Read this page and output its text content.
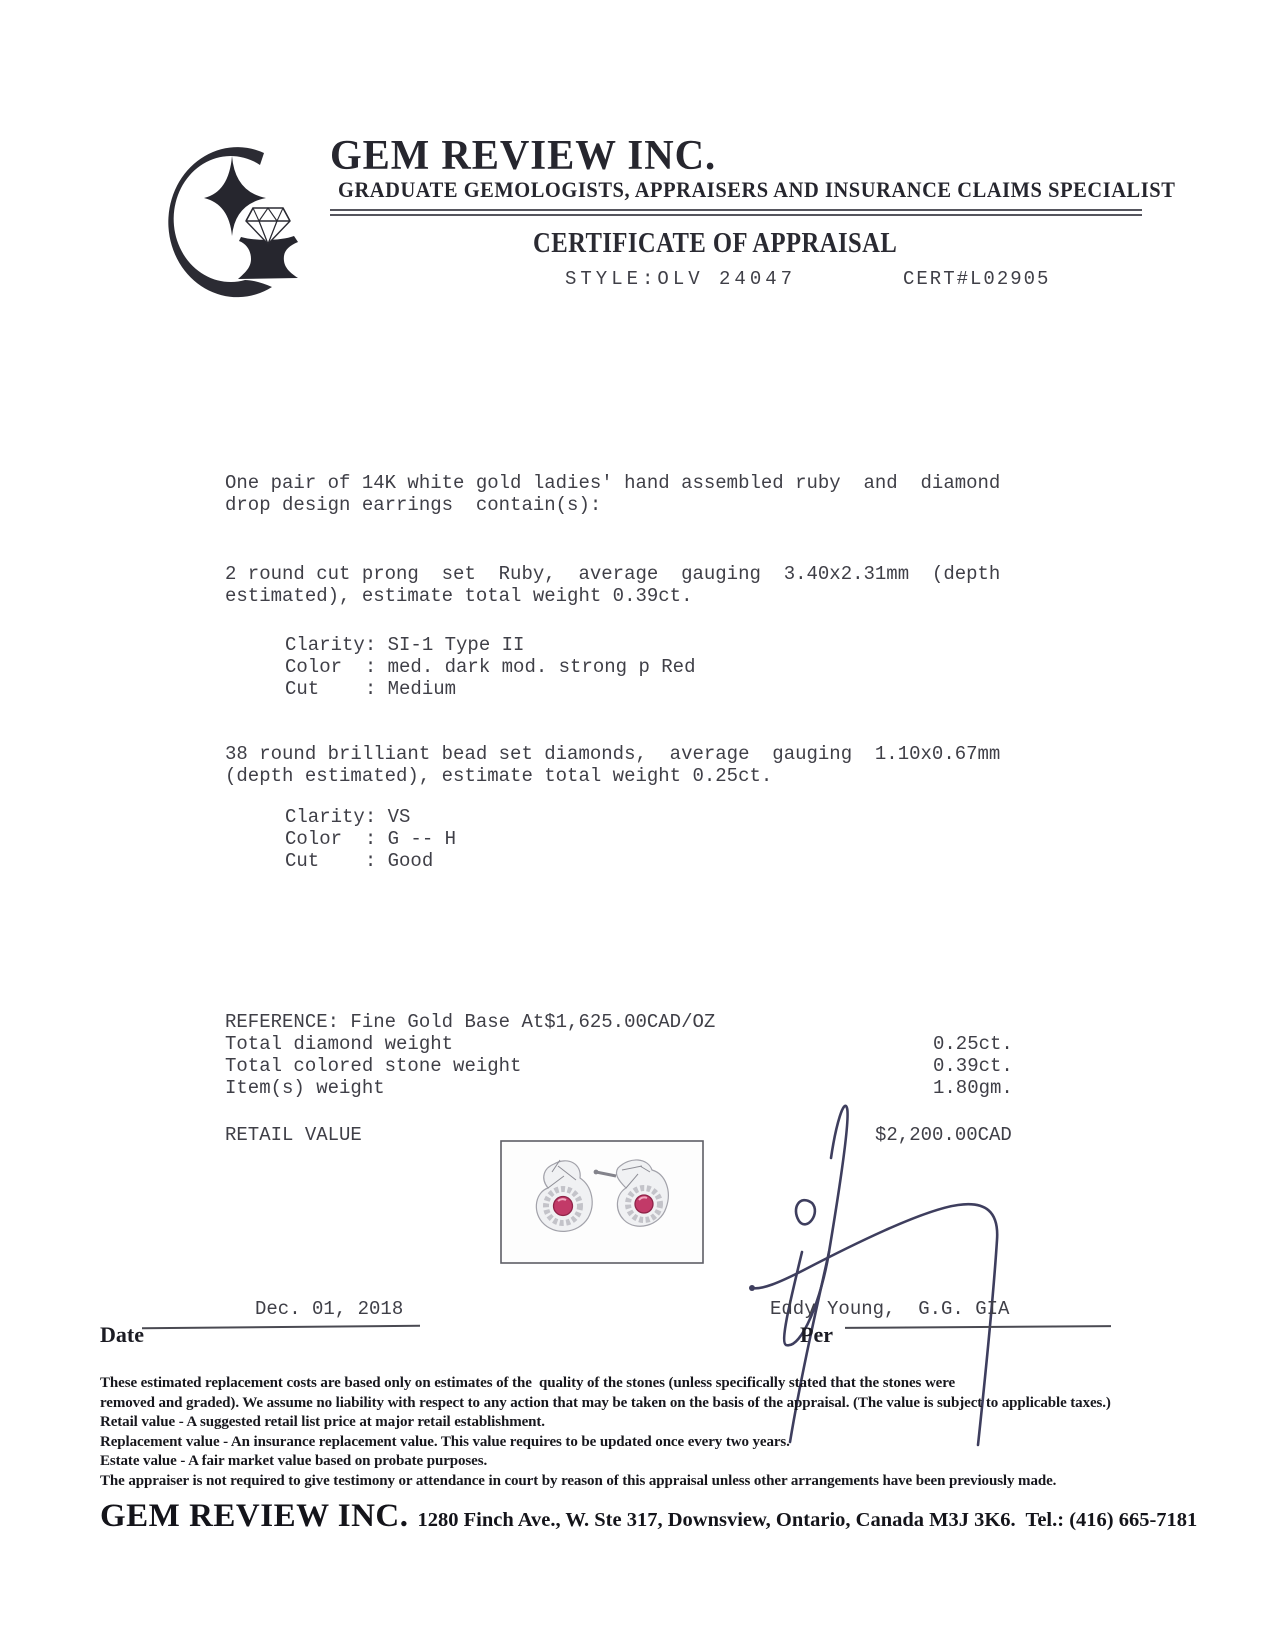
GEM REVIEW INC.
GRADUATE GEMOLOGISTS, APPRAISERS AND INSURANCE CLAIMS SPECIALIST
CERTIFICATE OF APPRAISAL
STYLE:OLV 24047	CERT#L02905
One pair of 14K white gold ladies' hand assembled ruby  and  diamond
drop design earrings  contain(s):
2 round cut prong  set  Ruby,  average  gauging  3.40x2.31mm  (depth
estimated), estimate total weight 0.39ct.
Clarity: SI-1 Type II
Color  : med. dark mod. strong p Red
Cut    : Medium
38 round brilliant bead set diamonds,  average  gauging  1.10x0.67mm
(depth estimated), estimate total weight 0.25ct.
Clarity: VS
Color  : G -- H
Cut    : Good
REFERENCE: Fine Gold Base At$1,625.00CAD/OZ
Total diamond weight	0.25ct.
Total colored stone weight	0.39ct.
Item(s) weight	1.80gm.
RETAIL VALUE	$2,200.00CAD
Dec. 01, 2018	Eddy Young,  G.G. GIA
Date	Per
These estimated replacement costs are based only on estimates of the  quality of the stones (unless specifically stated that the stones were
removed and graded). We assume no liability with respect to any action that may be taken on the basis of the appraisal. (The value is subject to applicable taxes.)
Retail value - A suggested retail list price at major retail establishment.
Replacement value - An insurance replacement value. This value requires to be updated once every two years.
Estate value - A fair market value based on probate purposes.
The appraiser is not required to give testimony or attendance in court by reason of this appraisal unless other arrangements have been previously made.
GEM REVIEW INC. 1280 Finch Ave., W. Ste 317, Downsview, Ontario, Canada M3J 3K6.  Tel.: (416) 665-7181
